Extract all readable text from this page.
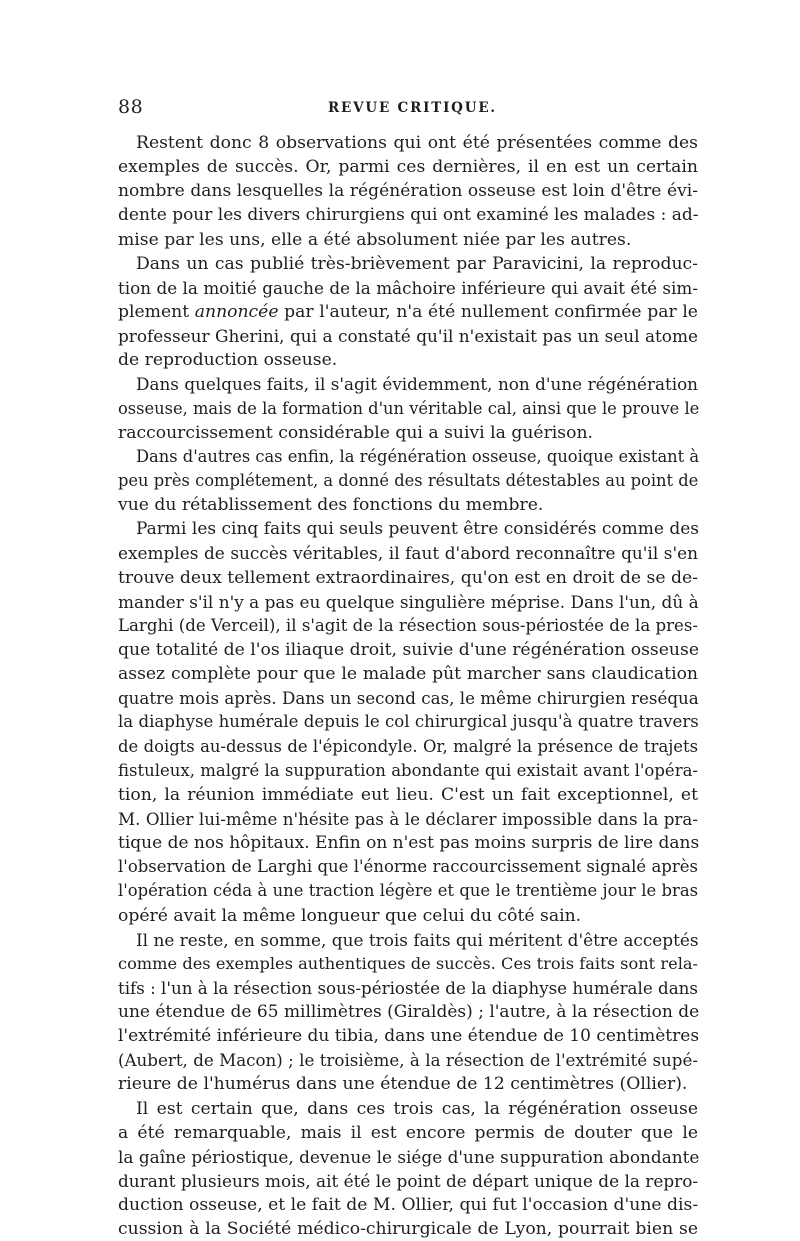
88	REVUE CRITIQUE.
Restent donc 8 observations qui ont été présentées comme des
exemples de succès. Or, parmi ces dernières, il en est un certain
nombre dans lesquelles la régénération osseuse est loin d'être évi-
dente pour les divers chirurgiens qui ont examiné les malades : ad-
mise par les uns, elle a été absolument niée par les autres.
Dans un cas publié très-brièvement par Paravicini, la reproduc-
tion de la moitié gauche de la mâchoire inférieure qui avait été sim-
plement annoncée par l'auteur, n'a été nullement confirmée par le
professeur Gherini, qui a constaté qu'il n'existait pas un seul atome
de reproduction osseuse.
Dans quelques faits, il s'agit évidemment, non d'une régénération
osseuse, mais de la formation d'un véritable cal, ainsi que le prouve le
raccourcissement considérable qui a suivi la guérison.
Dans d'autres cas enfin, la régénération osseuse, quoique existant à
peu près complétement, a donné des résultats détestables au point de
vue du rétablissement des fonctions du membre.
Parmi les cinq faits qui seuls peuvent être considérés comme des
exemples de succès véritables, il faut d'abord reconnaître qu'il s'en
trouve deux tellement extraordinaires, qu'on est en droit de se de-
mander s'il n'y a pas eu quelque singulière méprise. Dans l'un, dû à
Larghi (de Verceil), il s'agit de la résection sous-périostée de la pres-
que totalité de l'os iliaque droit, suivie d'une régénération osseuse
assez complète pour que le malade pût marcher sans claudication
quatre mois après. Dans un second cas, le même chirurgien reséqua
la diaphyse humérale depuis le col chirurgical jusqu'à quatre travers
de doigts au-dessus de l'épicondyle. Or, malgré la présence de trajets
fistuleux, malgré la suppuration abondante qui existait avant l'opéra-
tion, la réunion immédiate eut lieu. C'est un fait exceptionnel, et
M. Ollier lui-même n'hésite pas à le déclarer impossible dans la pra-
tique de nos hôpitaux. Enfin on n'est pas moins surpris de lire dans
l'observation de Larghi que l'énorme raccourcissement signalé après
l'opération céda à une traction légère et que le trentième jour le bras
opéré avait la même longueur que celui du côté sain.
Il ne reste, en somme, que trois faits qui méritent d'être acceptés
comme des exemples authentiques de succès. Ces trois faits sont rela-
tifs : l'un à la résection sous-périostée de la diaphyse humérale dans
une étendue de 65 millimètres (Giraldès) ; l'autre, à la résection de
l'extrémité inférieure du tibia, dans une étendue de 10 centimètres
(Aubert, de Macon) ; le troisième, à la résection de l'extrémité supé-
rieure de l'humérus dans une étendue de 12 centimètres (Ollier).
Il est certain que, dans ces trois cas, la régénération osseuse
a été remarquable, mais il est encore permis de douter que le
la gaîne périostique, devenue le siége d'une suppuration abondante
durant plusieurs mois, ait été le point de départ unique de la repro-
duction osseuse, et le fait de M. Ollier, qui fut l'occasion d'une dis-
cussion à la Société médico-chirurgicale de Lyon, pourrait bien se
